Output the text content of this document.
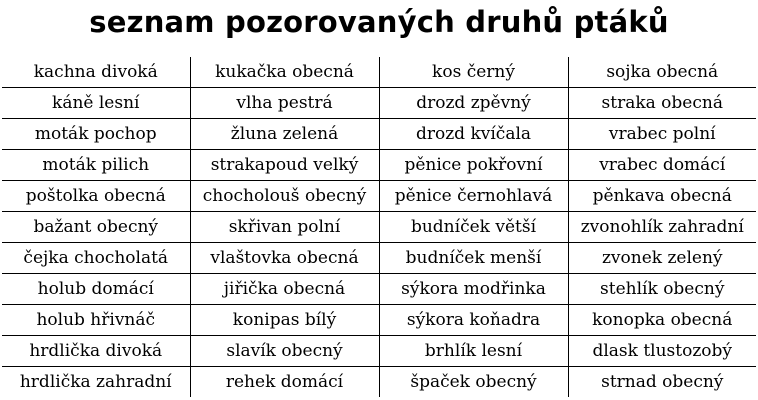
seznam pozorovaných druhů ptáků
kachna divoká	kukačka obecná	kos černý	sojka obecná
káně lesní	vlha pestrá	drozd zpěvný	straka obecná
moták pochop	žluna zelená	drozd kvíčala	vrabec polní
moták pilich	strakapoud velký	pěnice pokřovní	vrabec domácí
poštolka obecná	chocholouš obecný	pěnice černohlavá	pěnkava obecná
bažant obecný	skřivan polní	budníček větší	zvonohlík zahradní
čejka chocholatá	vlaštovka obecná	budníček menší	zvonek zelený
holub domácí	jiřička obecná	sýkora modřinka	stehlík obecný
holub hřivnáč	konipas bílý	sýkora koňadra	konopka obecná
hrdlička divoká	slavík obecný	brhlík lesní	dlask tlustozobý
hrdlička zahradní	rehek domácí	špaček obecný	strnad obecný
